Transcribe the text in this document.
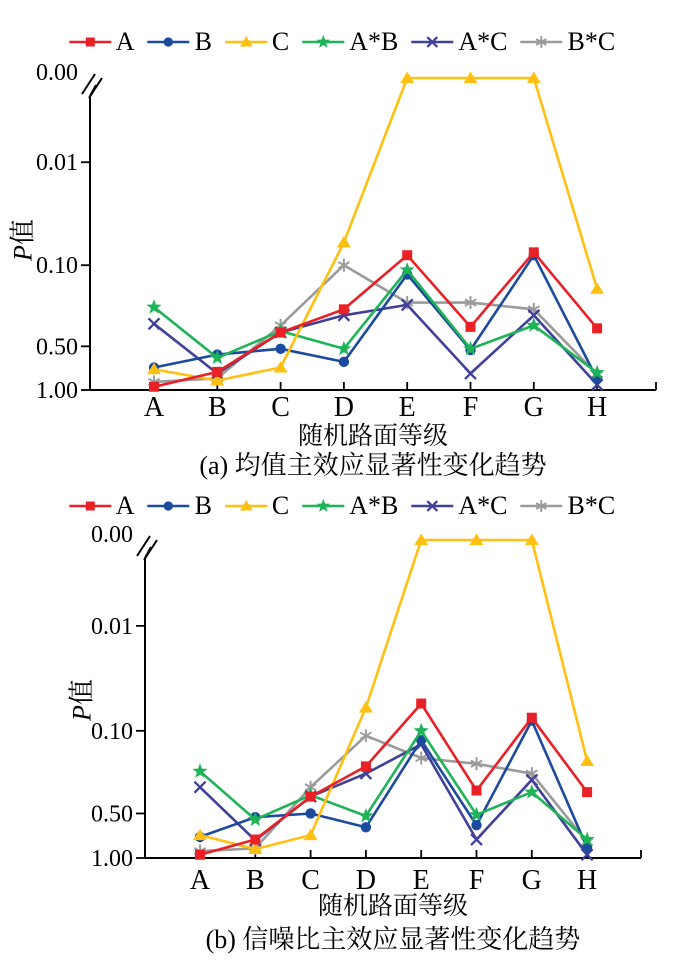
A B C D E F G H
0.00
0.01
0.10
0.50
1.00
A B C D E F G H
0.00
0.01
0.10
0.50
1.00
A B C A*B A*C B*C
A B C A*B A*C B*C
P值
P值
随机路面等级
随机路面等级
(a) 均值主效应显著性变化趋势
(b) 信噪比主效应显著性变化趋势
